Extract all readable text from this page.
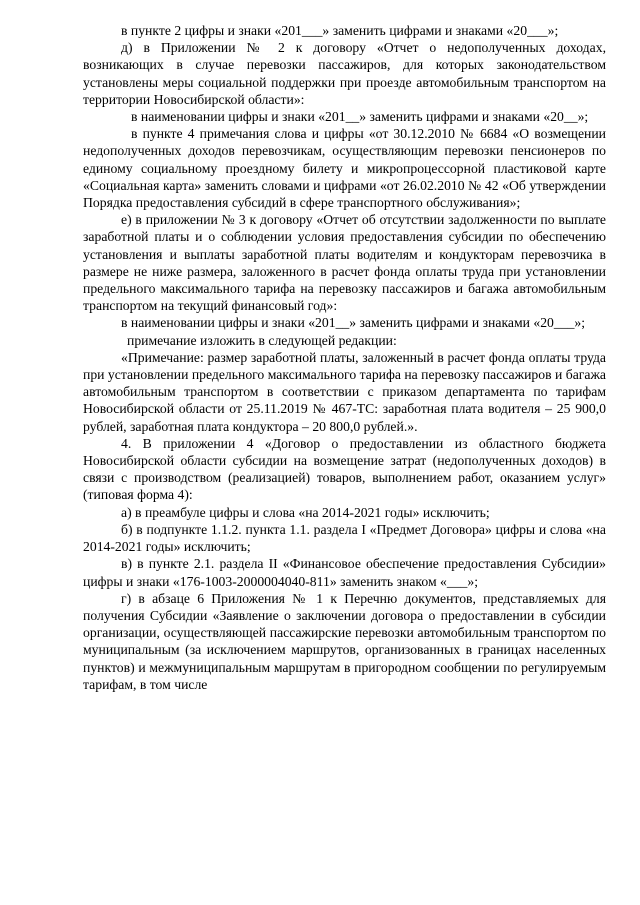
в пункте 2 цифры и знаки «201___» заменить цифрами и знаками «20___»;

д) в Приложении № 2 к договору «Отчет о недополученных доходах, возникающих в случае перевозки пассажиров, для которых законодательством установлены меры социальной поддержки при проезде автомобильным транспортом на территории Новосибирской области»:

в наименовании цифры и знаки «201__» заменить цифрами и знаками «20__»;

в пункте 4 примечания слова и цифры «от 30.12.2010 № 6684 «О возмещении недополученных доходов перевозчикам, осуществляющим перевозки пенсионеров по единому социальному проездному билету и микропроцессорной пластиковой карте «Социальная карта» заменить словами и цифрами «от 26.02.2010 № 42 «Об утверждении Порядка предоставления субсидий в сфере транспортного обслуживания»;

е) в приложении № 3 к договору «Отчет об отсутствии задолженности по выплате заработной платы и о соблюдении условия предоставления субсидии по обеспечению установления и выплаты заработной платы водителям и кондукторам перевозчика в размере не ниже размера, заложенного в расчет фонда оплаты труда при установлении предельного максимального тарифа на перевозку пассажиров и багажа автомобильным транспортом на текущий финансовый год»:

в наименовании цифры и знаки «201__» заменить цифрами и знаками «20___»;

примечание изложить в следующей редакции:

«Примечание: размер заработной платы, заложенный в расчет фонда оплаты труда при установлении предельного максимального тарифа на перевозку пассажиров и багажа автомобильным транспортом в соответствии с приказом департамента по тарифам Новосибирской области от 25.11.2019 № 467-ТС: заработная плата водителя – 25 900,0 рублей, заработная плата кондуктора – 20 800,0 рублей.».

4. В приложении 4 «Договор о предоставлении из областного бюджета Новосибирской области субсидии на возмещение затрат (недополученных доходов) в связи с производством (реализацией) товаров, выполнением работ, оказанием услуг» (типовая форма 4):

а) в преамбуле цифры и слова «на 2014-2021 годы» исключить;

б) в подпункте 1.1.2. пункта 1.1. раздела I «Предмет Договора» цифры и слова «на 2014-2021 годы» исключить;

в) в пункте 2.1. раздела II «Финансовое обеспечение предоставления Субсидии» цифры и знаки «176-1003-2000004040-811» заменить знаком «___»;

г) в абзаце 6 Приложения № 1 к Перечню документов, представляемых для получения Субсидии «Заявление о заключении договора о предоставлении в субсидии организации, осуществляющей пассажирские перевозки автомобильным транспортом по муниципальным (за исключением маршрутов, организованных в границах населенных пунктов) и межмуниципальным маршрутам в пригородном сообщении по регулируемым тарифам, в том числе
